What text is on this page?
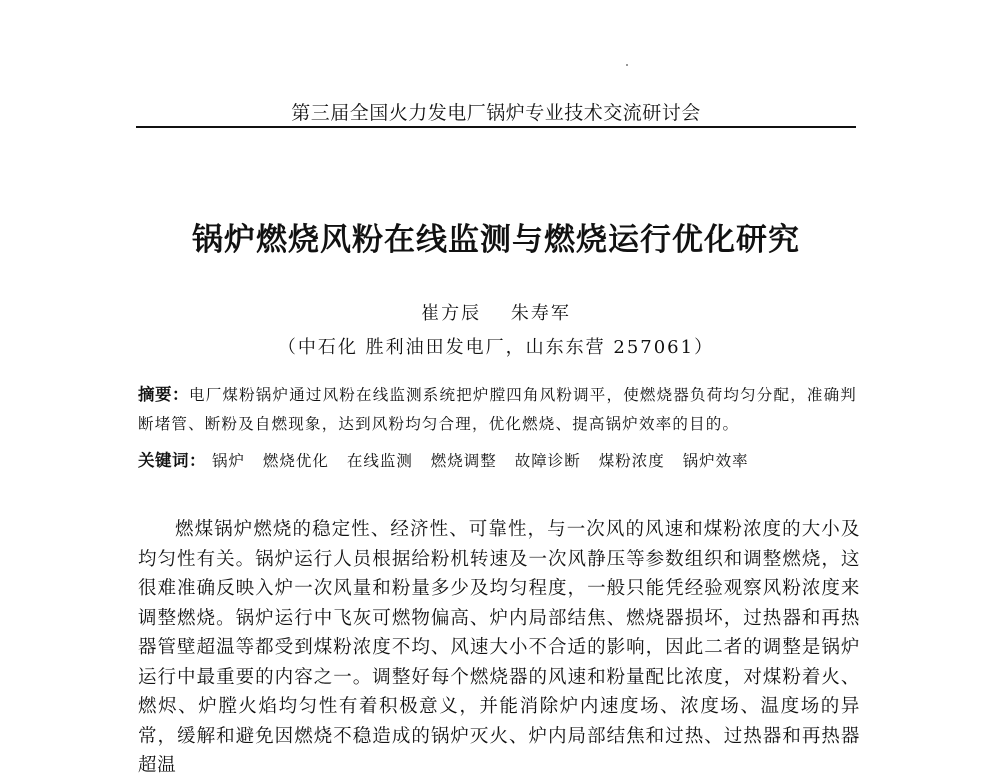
第三届全国火力发电厂锅炉专业技术交流研讨会
锅炉燃烧风粉在线监测与燃烧运行优化研究
崔方辰 朱寿军
（中石化 胜利油田发电厂，山东东营 257061）
摘要：电厂煤粉锅炉通过风粉在线监测系统把炉膛四角风粉调平，使燃烧器负荷均匀分配，准确判断堵管、断粉及自燃现象，达到风粉均匀合理，优化燃烧、提高锅炉效率的目的。
关键词： 锅炉 燃烧优化 在线监测 燃烧调整 故障诊断 煤粉浓度 锅炉效率
燃煤锅炉燃烧的稳定性、经济性、可靠性，与一次风的风速和煤粉浓度的大小及均匀性有关。锅炉运行人员根据给粉机转速及一次风静压等参数组织和调整燃烧，这很难准确反映入炉一次风量和粉量多少及均匀程度，一般只能凭经验观察风粉浓度来调整燃烧。锅炉运行中飞灰可燃物偏高、炉内局部结焦、燃烧器损坏，过热器和再热器管壁超温等都受到煤粉浓度不均、风速大小不合适的影响，因此二者的调整是锅炉运行中最重要的内容之一。调整好每个燃烧器的风速和粉量配比浓度，对煤粉着火、燃烬、炉膛火焰均匀性有着积极意义，并能消除炉内速度场、浓度场、温度场的异常，缓解和避免因燃烧不稳造成的锅炉灭火、炉内局部结焦和过热、过热器和再热器超温
